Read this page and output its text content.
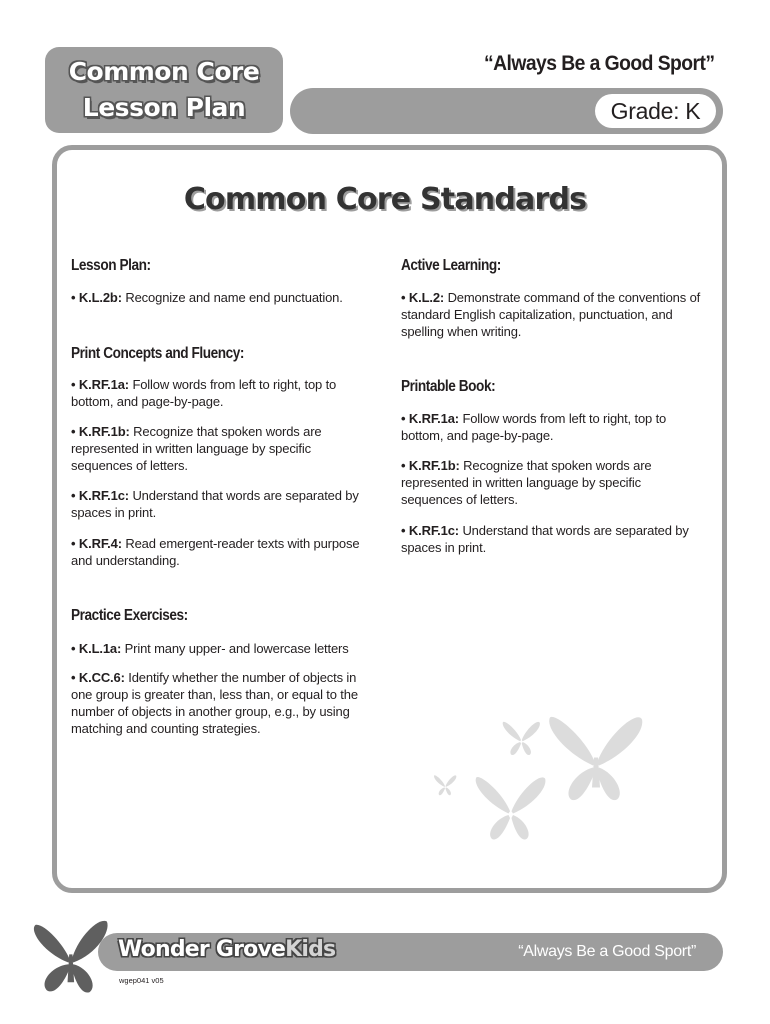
Common Core
Lesson Plan
“Always Be a Good Sport”
Grade: K
Common Core Standards
Lesson Plan:
• K.L.2b: Recognize and name end punctuation.
Print Concepts and Fluency:
• K.RF.1a: Follow words from left to right, top to bottom, and page-by-page.
• K.RF.1b: Recognize that spoken words are represented in written language by specific sequences of letters.
• K.RF.1c: Understand that words are separated by spaces in print.
• K.RF.4: Read emergent-reader texts with purpose and understanding.
Practice Exercises:
• K.L.1a: Print many upper- and lowercase letters
• K.CC.6: Identify whether the number of objects in one group is greater than, less than, or equal to the number of objects in another group, e.g., by using matching and counting strategies.
Active Learning:
• K.L.2: Demonstrate command of the conventions of standard English capitalization, punctuation, and spelling when writing.
Printable Book:
• K.RF.1a: Follow words from left to right, top to bottom, and page-by-page.
• K.RF.1b: Recognize that spoken words are represented in written language by specific sequences of letters.
• K.RF.1c: Understand that words are separated by spaces in print.
Wonder GroveKids	“Always Be a Good Sport”
wgep041 v05
